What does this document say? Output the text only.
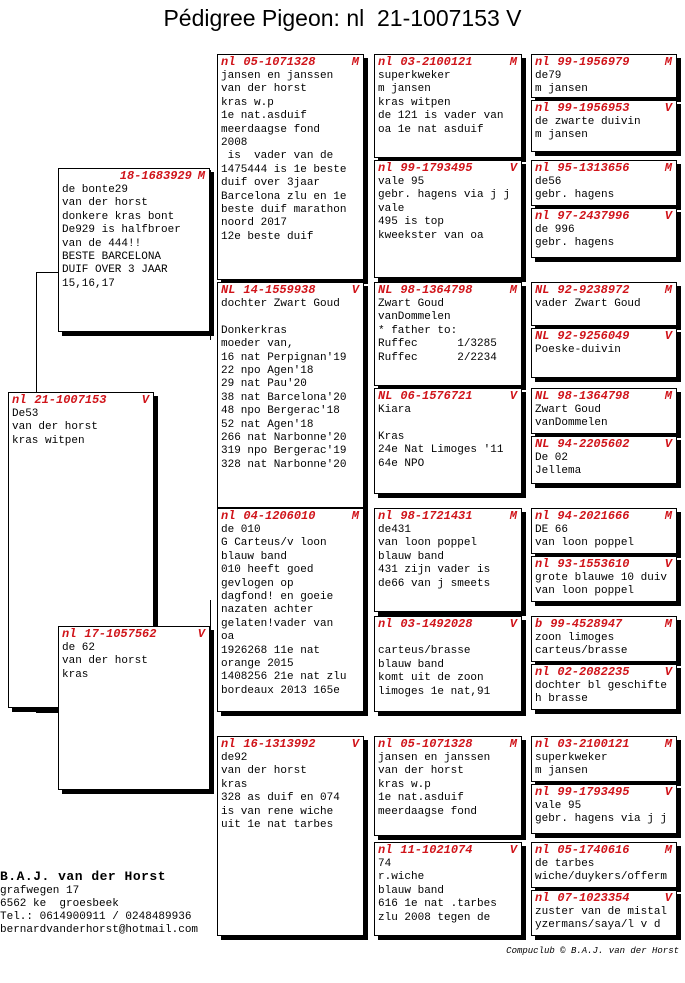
Pédigree Pigeon: nl  21-1007153 V
nl 21-1007153	V
De53
van der horst
kras witpen
18-1683929 M
de bonte29
van der horst
donkere kras bont
De929 is halfbroer
van de 444!!
BESTE BARCELONA
DUIF OVER 3 JAAR
15,16,17
nl 17-1057562	V
de 62
van der horst
kras
nl 05-1071328	M
jansen en janssen
van der horst
kras w.p
1e nat.asduif
meerdaagse fond
2008
is  vader van de
1475444 is 1e beste
duif over 3jaar
Barcelona zlu en 1e
beste duif marathon
noord 2017
12e beste duif
NL 14-1559938	V
dochter Zwart Goud
Donkerkras
moeder van,
16 nat Perpignan'19
22 npo Agen'18
29 nat Pau'20
38 nat Barcelona'20
48 npo Bergerac'18
52 nat Agen'18
266 nat Narbonne'20
319 npo Bergerac'19
328 nat Narbonne'20
nl 04-1206010	M
de 010
G Carteus/v loon
blauw band
010 heeft goed
gevlogen op
dagfond! en goeie
nazaten achter
gelaten!vader van
oa
1926268 11e nat
orange 2015
1408256 21e nat zlu
bordeaux 2013 165e
nl 16-1313992	V
de92
van der horst
kras
328 as duif en 074
is van rene wiche
uit 1e nat tarbes
nl 03-2100121	M
superkweker
m jansen
kras witpen
de 121 is vader van
oa 1e nat asduif
nl 99-1793495	V
vale 95
gebr. hagens via j j
vale
495 is top
kweekster van oa
NL 98-1364798	M
Zwart Goud
vanDommelen
* father to:
Ruffec      1/3285
Ruffec      2/2234
NL 06-1576721	V
Kiara
Kras
24e Nat Limoges '11
64e NPO
nl 98-1721431	M
de431
van loon poppel
blauw band
431 zijn vader is
de66 van j smeets
nl 03-1492028	V
carteus/brasse
blauw band
komt uit de zoon
limoges 1e nat,91
nl 05-1071328	M
jansen en janssen
van der horst
kras w.p
1e nat.asduif
meerdaagse fond
nl 11-1021074	V
74
r.wiche
blauw band
616 1e nat .tarbes
zlu 2008 tegen de
nl 99-1956979	M
de79
m jansen
nl 99-1956953	V
de zwarte duivin
m jansen
nl 95-1313656	M
de56
gebr. hagens
nl 97-2437996	V
de 996
gebr. hagens
NL 92-9238972	M
vader Zwart Goud
NL 92-9256049	V
Poeske-duivin
NL 98-1364798	M
Zwart Goud
vanDommelen
NL 94-2205602	V
De 02
Jellema
nl 94-2021666	M
DE 66
van loon poppel
nl 93-1553610	V
grote blauwe 10 duiv
van loon poppel
b 99-4528947	M
zoon limoges
carteus/brasse
nl 02-2082235	V
dochter bl geschifte
h brasse
nl 03-2100121	M
superkweker
m jansen
nl 99-1793495	V
vale 95
gebr. hagens via j j
nl 05-1740616	M
de tarbes
wiche/duykers/offerm
nl 07-1023354	V
zuster van de mistal
yzermans/saya/l v d
B.A.J. van der Horst
grafwegen 17
6562 ke  groesbeek
Tel.: 0614900911 / 0248489936
bernardvanderhorst@hotmail.com
Compuclub © B.A.J. van der Horst
